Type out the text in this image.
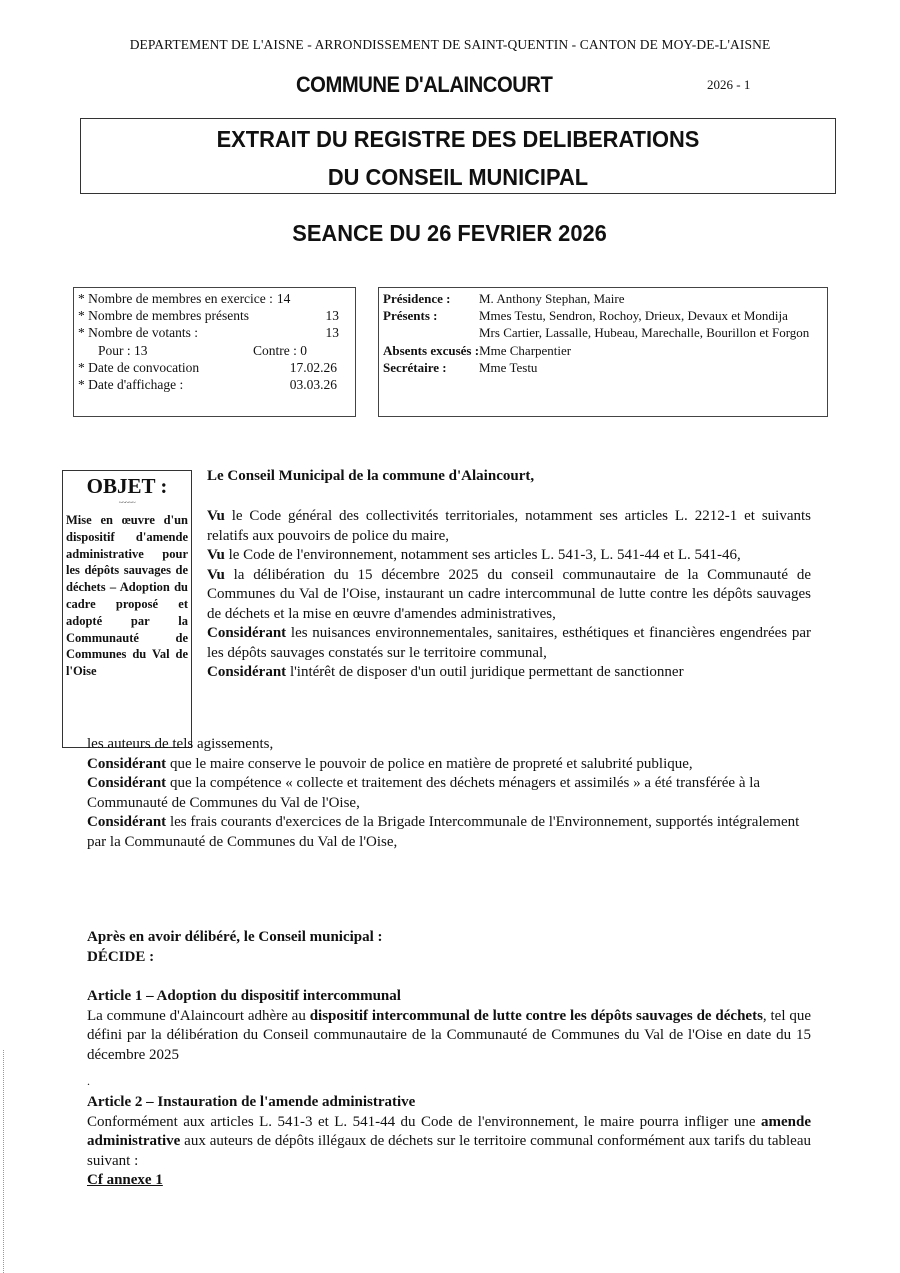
DEPARTEMENT DE L'AISNE - ARRONDISSEMENT DE SAINT-QUENTIN - CANTON DE MOY-DE-L'AISNE
COMMUNE D'ALAINCOURT	2026 - 1
EXTRAIT DU REGISTRE DES DELIBERATIONS
DU CONSEIL MUNICIPAL
SEANCE DU 26 FEVRIER 2026
* Nombre de membres en exercice : 14
* Nombre de membres présents	13
* Nombre de votants :	13
Pour : 13	Contre : 0
* Date de convocation	17.02.26
* Date d'affichage :	03.03.26
Présidence :	M. Anthony Stephan, Maire
Présents :	Mmes Testu, Sendron, Rochoy, Drieux, Devaux et Mondija
Mrs Cartier, Lassalle, Hubeau, Marechalle, Bourillon et Forgon
Absents excusés : Mme Charpentier
Secrétaire :	Mme Testu
OBJET :
~~~~~
Mise en œuvre d'un dispositif d'amende administrative pour les dépôts sauvages de déchets – Adoption du cadre proposé et adopté par la Communauté de Communes du Val de l'Oise
Le Conseil Municipal de la commune d'Alaincourt,

Vu le Code général des collectivités territoriales, notamment ses articles L. 2212-1 et suivants relatifs aux pouvoirs de police du maire,

Vu le Code de l'environnement, notamment ses articles L. 541-3, L. 541-44 et L. 541-46,

Vu la délibération du 15 décembre 2025 du conseil communautaire de la Communauté de Communes du Val de l'Oise, instaurant un cadre intercommunal de lutte contre les dépôts sauvages de déchets et la mise en œuvre d'amendes administratives,

Considérant les nuisances environnementales, sanitaires, esthétiques et financières engendrées par les dépôts sauvages constatés sur le territoire communal,

Considérant l'intérêt de disposer d'un outil juridique permettant de sanctionner

les auteurs de tels agissements,

Considérant que le maire conserve le pouvoir de police en matière de propreté et salubrité publique,

Considérant que la compétence « collecte et traitement des déchets ménagers et assimilés » a été transférée à la Communauté de Communes du Val de l'Oise,

Considérant les frais courants d'exercices de la Brigade Intercommunale de l'Environnement, supportés intégralement par la Communauté de Communes du Val de l'Oise,

Après en avoir délibéré, le Conseil municipal :

DÉCIDE :

Article 1 – Adoption du dispositif intercommunal

La commune d'Alaincourt adhère au dispositif intercommunal de lutte contre les dépôts sauvages de déchets, tel que défini par la délibération du Conseil communautaire de la Communauté de Communes du Val de l'Oise en date du 15 décembre 2025

.

Article 2 – Instauration de l'amende administrative

Conformément aux articles L. 541-3 et L. 541-44 du Code de l'environnement, le maire pourra infliger une amende administrative aux auteurs de dépôts illégaux de déchets sur le territoire communal conformément aux tarifs du tableau suivant :

Cf annexe 1
